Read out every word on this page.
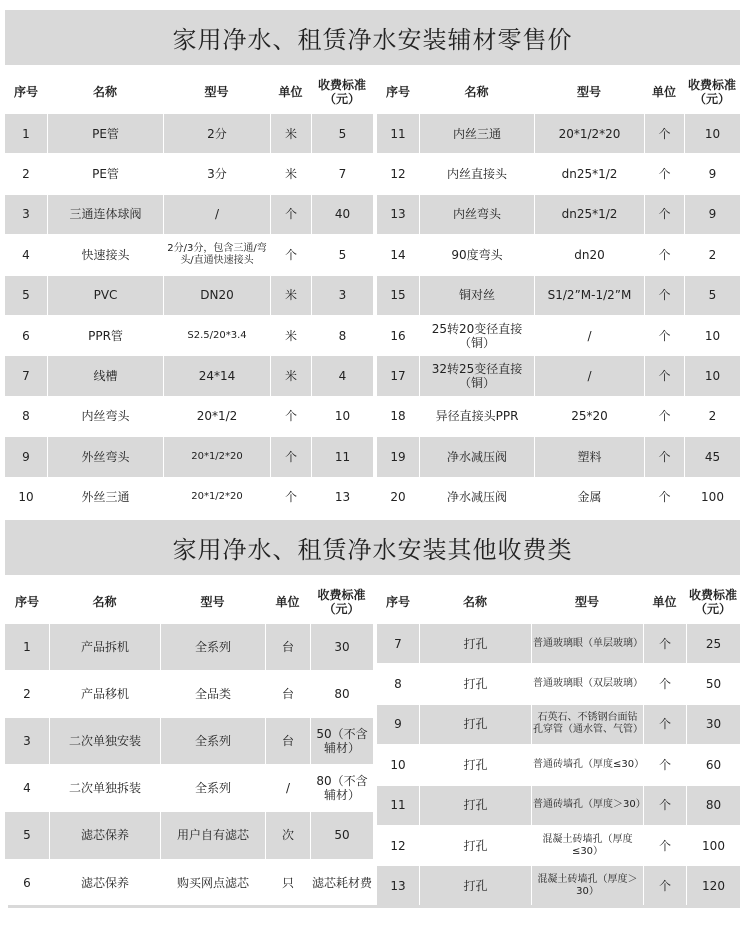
家用净水、租赁净水安装辅材零售价
序号	名称	型号	单位	收费标准
（元）
1	PE管	2分	米	5
2	PE管	3分	米	7
3	三通连体球阀	/	个	40
4	快速接头	2分/3分，包含三通/弯头/直通快速接头	个	5
5	PVC	DN20	米	3
6	PPR管	S2.5/20*3.4	米	8
7	线槽	24*14	米	4
8	内丝弯头	20*1/2	个	10
9	外丝弯头	20*1/2*20	个	11
10	外丝三通	20*1/2*20	个	13
序号	名称	型号	单位	收费标准
（元）
11	内丝三通	20*1/2*20	个	10
12	内丝直接头	dn25*1/2	个	9
13	内丝弯头	dn25*1/2	个	9
14	90度弯头	dn20	个	2
15	铜对丝	S1/2”M-1/2”M	个	5
16	25转20变径直接（铜）	/	个	10
17	32转25变径直接（铜）	/	个	10
18	异径直接头PPR	25*20	个	2
19	净水减压阀	塑料	个	45
20	净水减压阀	金属	个	100
家用净水、租赁净水安装其他收费类
序号	名称	型号	单位	收费标准
（元）
1	产品拆机	全系列	台	30
2	产品移机	全品类	台	80
3	二次单独安装	全系列	台	50（不含辅材）
4	二次单独拆装	全系列	/	80（不含辅材）
5	滤芯保养	用户自有滤芯	次	50
6	滤芯保养	购买网点滤芯	只	滤芯耗材费
序号	名称	型号	单位	收费标准
（元）
7	打孔	普通玻璃眼（单层玻璃）	个	25
8	打孔	普通玻璃眼（双层玻璃）	个	50
9	打孔	石英石、不锈钢台面钻孔穿管（通水管、气管）	个	30
10	打孔	普通砖墙孔（厚度≤30）	个	60
11	打孔	普通砖墙孔（厚度＞30）	个	80
12	打孔	混凝土砖墙孔（厚度≤30）	个	100
13	打孔	混凝土砖墙孔（厚度＞30）	个	120
